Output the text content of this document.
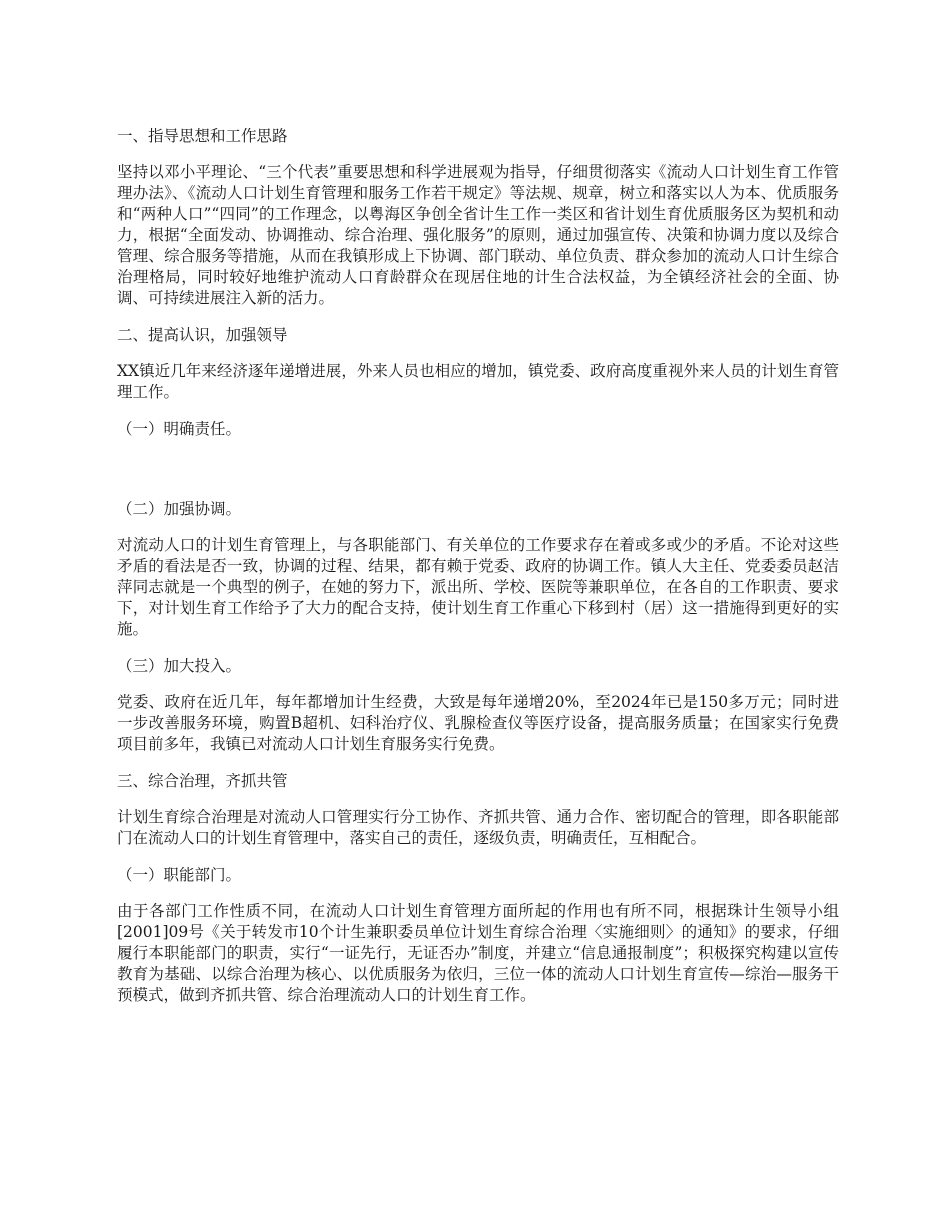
一、指导思想和工作思路
坚持以邓小平理论、“三个代表”重要思想和科学进展观为指导，仔细贯彻落实《流动人口计划生育工作管理办法》、《流动人口计划生育管理和服务工作若干规定》等法规、规章，树立和落实以人为本、优质服务和“两种人口”“四同”的工作理念，以粤海区争创全省计生工作一类区和省计划生育优质服务区为契机和动力，根据“全面发动、协调推动、综合治理、强化服务”的原则，通过加强宣传、决策和协调力度以及综合管理、综合服务等措施，从而在我镇形成上下协调、部门联动、单位负责、群众参加的流动人口计生综合治理格局，同时较好地维护流动人口育龄群众在现居住地的计生合法权益，为全镇经济社会的全面、协调、可持续进展注入新的活力。
二、提高认识，加强领导
XX镇近几年来经济逐年递增进展，外来人员也相应的增加，镇党委、政府高度重视外来人员的计划生育管理工作。
（一）明确责任。
（二）加强协调。
对流动人口的计划生育管理上，与各职能部门、有关单位的工作要求存在着或多或少的矛盾。不论对这些矛盾的看法是否一致，协调的过程、结果，都有赖于党委、政府的协调工作。镇人大主任、党委委员赵洁萍同志就是一个典型的例子，在她的努力下，派出所、学校、医院等兼职单位，在各自的工作职责、要求下，对计划生育工作给予了大力的配合支持，使计划生育工作重心下移到村（居）这一措施得到更好的实施。
（三）加大投入。
党委、政府在近几年，每年都增加计生经费，大致是每年递增20%，至2024年已是150多万元；同时进一步改善服务环境，购置B超机、妇科治疗仪、乳腺检查仪等医疗设备，提高服务质量；在国家实行免费项目前多年，我镇已对流动人口计划生育服务实行免费。
三、综合治理，齐抓共管
计划生育综合治理是对流动人口管理实行分工协作、齐抓共管、通力合作、密切配合的管理，即各职能部门在流动人口的计划生育管理中，落实自己的责任，逐级负责，明确责任，互相配合。
（一）职能部门。
由于各部门工作性质不同，在流动人口计划生育管理方面所起的作用也有所不同，根据珠计生领导小组[2001]09号《关于转发市10个计生兼职委员单位计划生育综合治理〈实施细则〉的通知》的要求，仔细履行本职能部门的职责，实行“一证先行，无证否办”制度，并建立“信息通报制度”；积极探究构建以宣传教育为基础、以综合治理为核心、以优质服务为依归，三位一体的流动人口计划生育宣传—综治—服务干预模式，做到齐抓共管、综合治理流动人口的计划生育工作。
